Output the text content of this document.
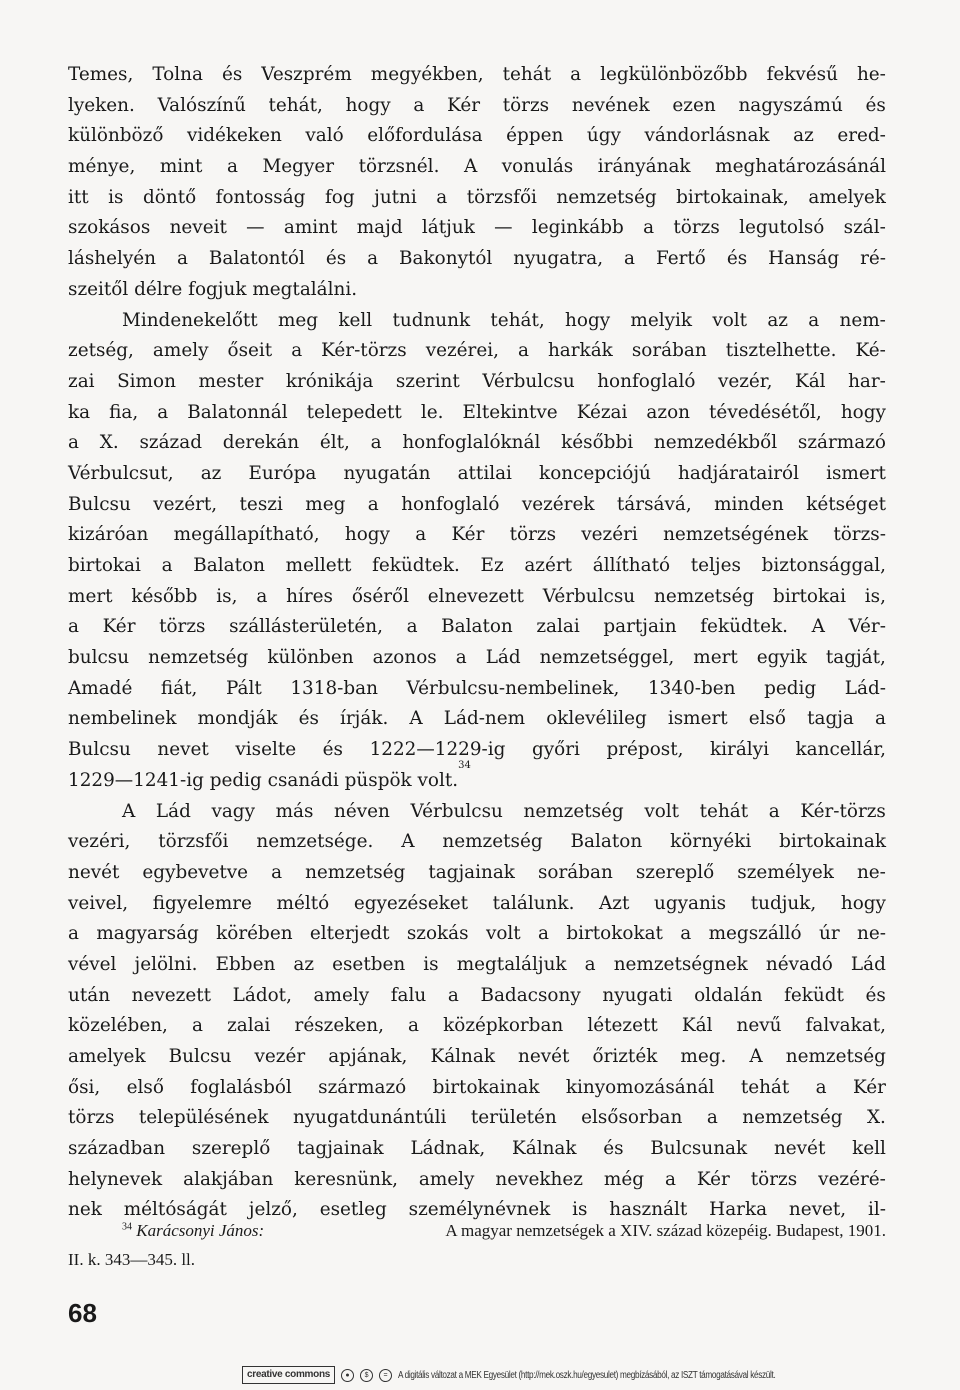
Temes, Tolna és Veszprém megyékben, tehát a legkülönbözőbb fekvésű he-
lyeken. Valószínű tehát, hogy a Kér törzs nevének ezen nagyszámú és
különböző vidékeken való előfordulása éppen úgy vándorlásnak az ered-
ménye, mint a Megyer törzsnél. A vonulás irányának meghatározásánál
itt is döntő fontosság fog jutni a törzsfői nemzetség birtokainak, amelyek
szokásos neveit — amint majd látjuk — leginkább a törzs legutolsó szál-
láshelyén a Balatontól és a Bakonytól nyugatra, a Fertő és Hanság ré-
szeitől délre fogjuk megtalálni.
Mindenekelőtt meg kell tudnunk tehát, hogy melyik volt az a nem-
zetség, amely őseit a Kér-törzs vezérei, a harkák sorában tisztelhette. Ké-
zai Simon mester krónikája szerint Vérbulcsu honfoglaló vezér, Kál har-
ka fia, a Balatonnál telepedett le. Eltekintve Kézai azon tévedésétől, hogy
a X. század derekán élt, a honfoglalóknál későbbi nemzedékből származó
Vérbulcsut, az Európa nyugatán attilai koncepciójú hadjáratairól ismert
Bulcsu vezért, teszi meg a honfoglaló vezérek társává, minden kétséget
kizáróan megállapítható, hogy a Kér törzs vezéri nemzetségének törzs-
birtokai a Balaton mellett feküdtek. Ez azért állítható teljes biztonsággal,
mert később is, a híres őséről elnevezett Vérbulcsu nemzetség birtokai is,
a Kér törzs szállásterületén, a Balaton zalai partjain feküdtek. A Vér-
bulcsu nemzetség különben azonos a Lád nemzetséggel, mert egyik tagját,
Amadé fiát, Pált 1318-ban Vérbulcsu-nembelinek, 1340-ben pedig Lád-
nembelinek mondják és írják. A Lád-nem oklevélileg ismert első tagja a
Bulcsu nevet viselte és 1222—1229-ig győri prépost, királyi kancellár,
1229—1241-ig pedig csanádi püspök volt.
34
A Lád vagy más néven Vérbulcsu nemzetség volt tehát a Kér-törzs
vezéri, törzsfői nemzetsége. A nemzetség Balaton környéki birtokainak
nevét egybevetve a nemzetség tagjainak sorában szereplő személyek ne-
veivel, figyelemre méltó egyezéseket találunk. Azt ugyanis tudjuk, hogy
a magyarság körében elterjedt szokás volt a birtokokat a megszálló úr ne-
vével jelölni. Ebben az esetben is megtaláljuk a nemzetségnek névadó Lád
után nevezett Ládot, amely falu a Badacsony nyugati oldalán feküdt és
közelében, a zalai részeken, a középkorban létezett Kál nevű falvakat,
amelyek Bulcsu vezér apjának, Kálnak nevét őrizték meg. A nemzetség
ősi, első foglalásból származó birtokainak kinyomozásánál tehát a Kér
törzs településének nyugatdunántúli területén elsősorban a nemzetség X.
században szereplő tagjainak Ládnak, Kálnak és Bulcsunak nevét kell
helynevek alakjában keresnünk, amely nevekhez még a Kér törzs vezéré-
nek méltóságát jelző, esetleg személynévnek is használt Harka nevet, il-
$^{34}$ Karácsonyi János:	A magyar nemzetségek a XIV. század közepéig. Budapest, 1901.
II. k. 343—345. ll.
68
creative commons	●	$	=	A digitális változat a MEK Egyesület (http://mek.oszk.hu/egyesulet) megbízásából, az ISZT támogatásával készült.
